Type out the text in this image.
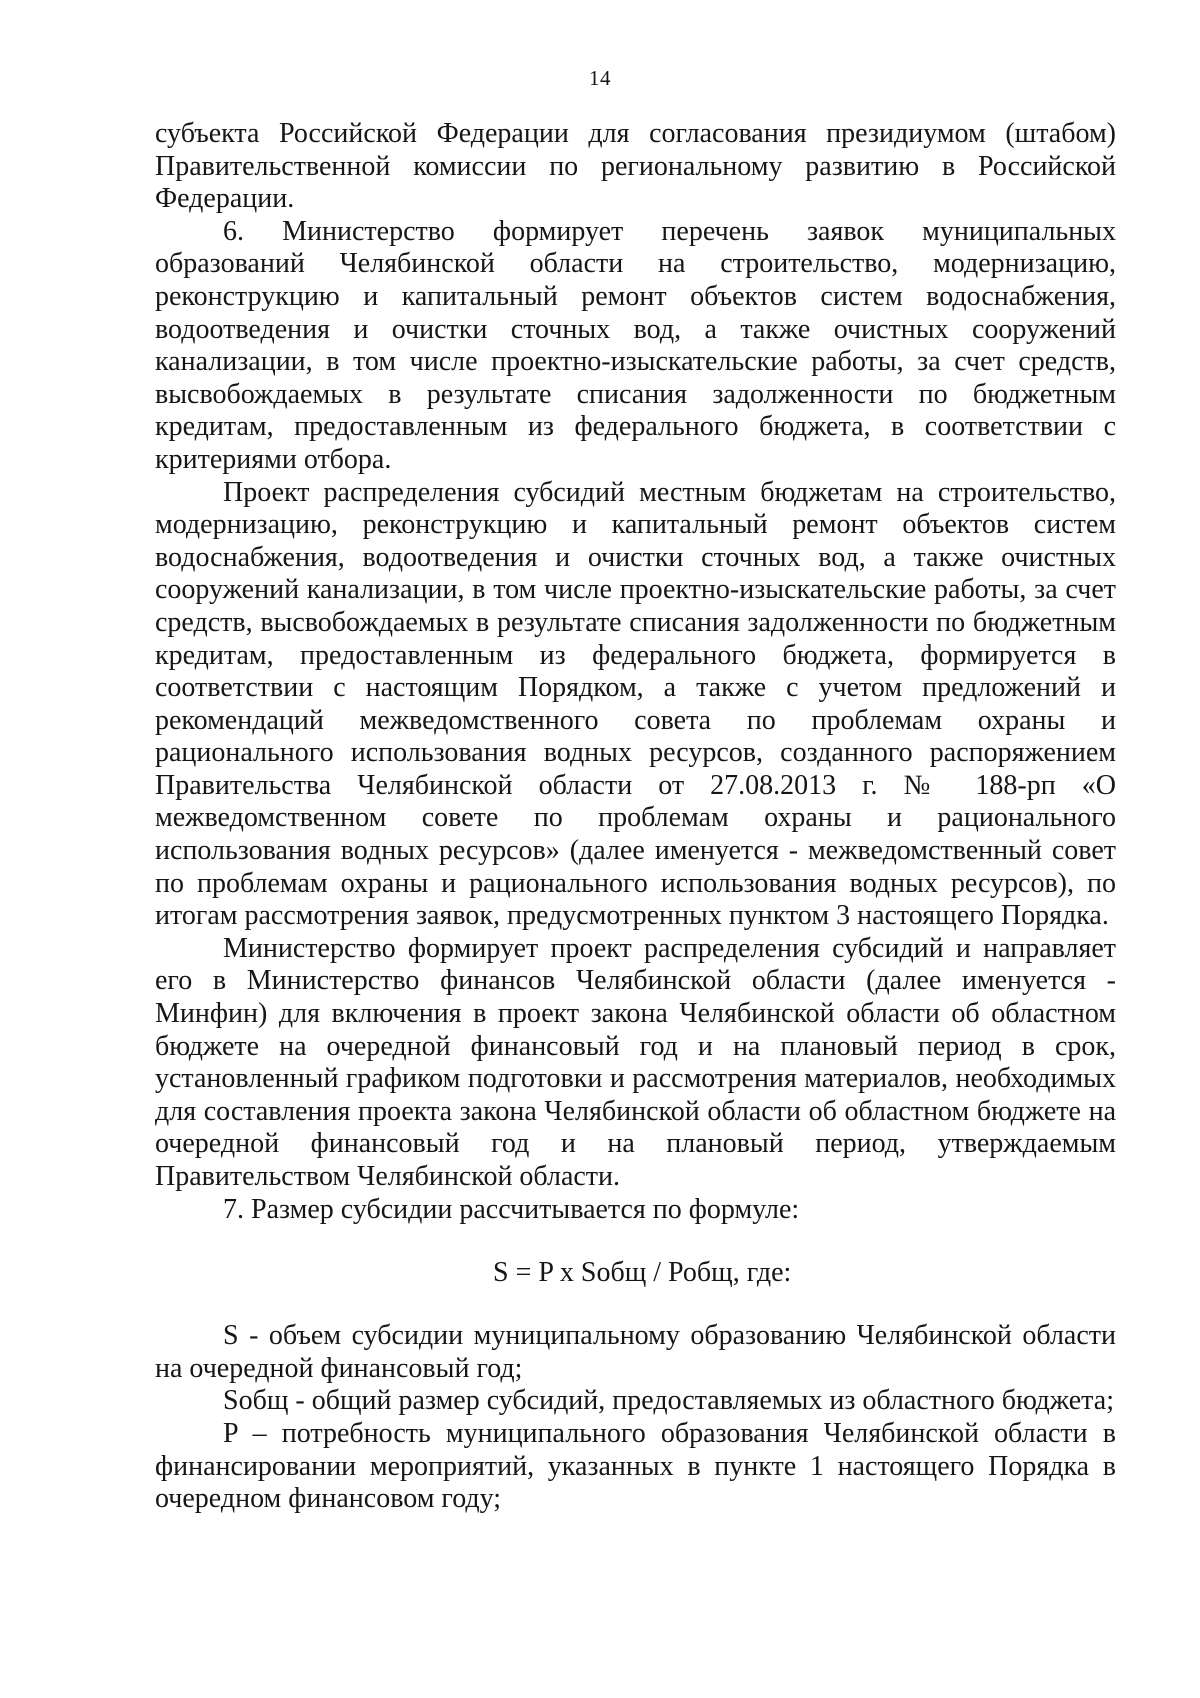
14

субъекта Российской Федерации для согласования президиумом (штабом) Правительственной комиссии по региональному развитию в Российской Федерации.

6. Министерство формирует перечень заявок муниципальных образований Челябинской области на строительство, модернизацию, реконструкцию и капитальный ремонт объектов систем водоснабжения, водоотведения и очистки сточных вод, а также очистных сооружений канализации, в том числе проектно-изыскательские работы, за счет средств, высвобождаемых в результате списания задолженности по бюджетным кредитам, предоставленным из федерального бюджета, в соответствии с критериями отбора.

Проект распределения субсидий местным бюджетам на строительство, модернизацию, реконструкцию и капитальный ремонт объектов систем водоснабжения, водоотведения и очистки сточных вод, а также очистных сооружений канализации, в том числе проектно-изыскательские работы, за счет средств, высвобождаемых в результате списания задолженности по бюджетным кредитам, предоставленным из федерального бюджета, формируется в соответствии с настоящим Порядком, а также с учетом предложений и рекомендаций межведомственного совета по проблемам охраны и рационального использования водных ресурсов, созданного распоряжением Правительства Челябинской области от 27.08.2013 г. № 188-рп «О межведомственном совете по проблемам охраны и рационального использования водных ресурсов» (далее именуется - межведомственный совет по проблемам охраны и рационального использования водных ресурсов), по итогам рассмотрения заявок, предусмотренных пунктом 3 настоящего Порядка.

Министерство формирует проект распределения субсидий и направляет его в Министерство финансов Челябинской области (далее именуется - Минфин) для включения в проект закона Челябинской области об областном бюджете на очередной финансовый год и на плановый период в срок, установленный графиком подготовки и рассмотрения материалов, необходимых для составления проекта закона Челябинской области об областном бюджете на очередной финансовый год и на плановый период, утверждаемым Правительством Челябинской области.

7. Размер субсидии рассчитывается по формуле:

S = P x Sобщ / Робщ, где:

S - объем субсидии муниципальному образованию Челябинской области на очередной финансовый год;

Sобщ - общий размер субсидий, предоставляемых из областного бюджета;

P – потребность муниципального образования Челябинской области в финансировании мероприятий, указанных в пункте 1 настоящего Порядка в очередном финансовом году;
